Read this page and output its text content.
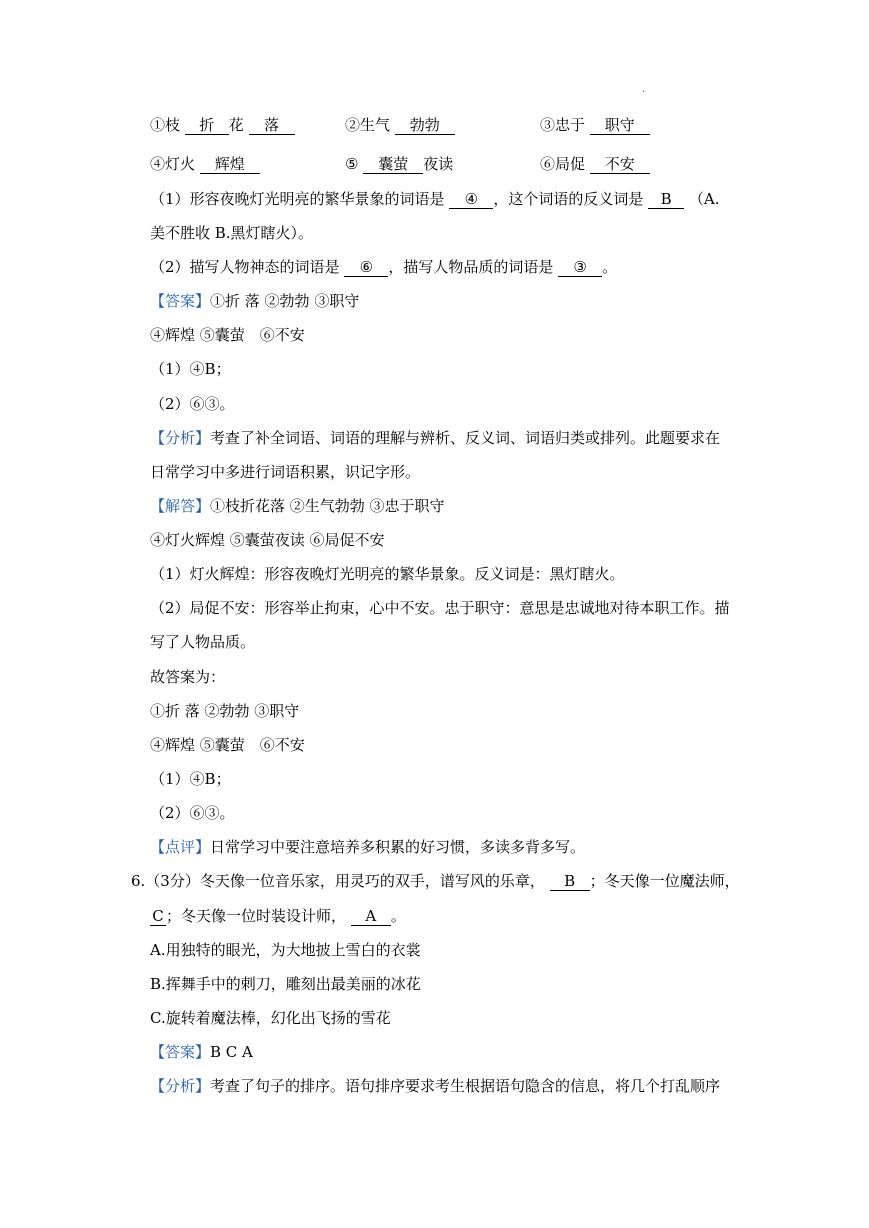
.
①枝 折 花 落	②生气 勃勃	③忠于 职守
④灯火 辉煌	⑤ 囊萤 夜读	⑥局促 不安
（1）形容夜晚灯光明亮的繁华景象的词语是 ④ ，这个词语的反义词是 B （A.
美不胜收 B.黑灯瞎火）。
（2）描写人物神态的词语是 ⑥ ，描写人物品质的词语是 ③ 。
【答案】①折 落 ②勃勃 ③职守
④辉煌 ⑤囊萤　⑥不安
（1）④B；
（2）⑥③。
【分析】考查了补全词语、词语的理解与辨析、反义词、词语归类或排列。此题要求在
日常学习中多进行词语积累，识记字形。
【解答】①枝折花落 ②生气勃勃 ③忠于职守
④灯火辉煌 ⑤囊萤夜读 ⑥局促不安
（1）灯火辉煌：形容夜晚灯光明亮的繁华景象。反义词是：黑灯瞎火。
（2）局促不安：形容举止拘束，心中不安。忠于职守：意思是忠诚地对待本职工作。描
写了人物品质。
故答案为：
①折 落 ②勃勃 ③职守
④辉煌 ⑤囊萤　⑥不安
（1）④B；
（2）⑥③。
【点评】日常学习中要注意培养多积累的好习惯，多读多背多写。
6.（3分）冬天像一位音乐家，用灵巧的双手，谱写风的乐章， B ；冬天像一位魔法师，
C ；冬天像一位时装设计师， A 。
A.用独特的眼光，为大地披上雪白的衣裳
B.挥舞手中的剌刀，雕刻出最美丽的冰花
C.旋转着魔法棒，幻化出飞扬的雪花
【答案】B C A
【分析】考查了句子的排序。语句排序要求考生根据语句隐含的信息，将几个打乱顺序
